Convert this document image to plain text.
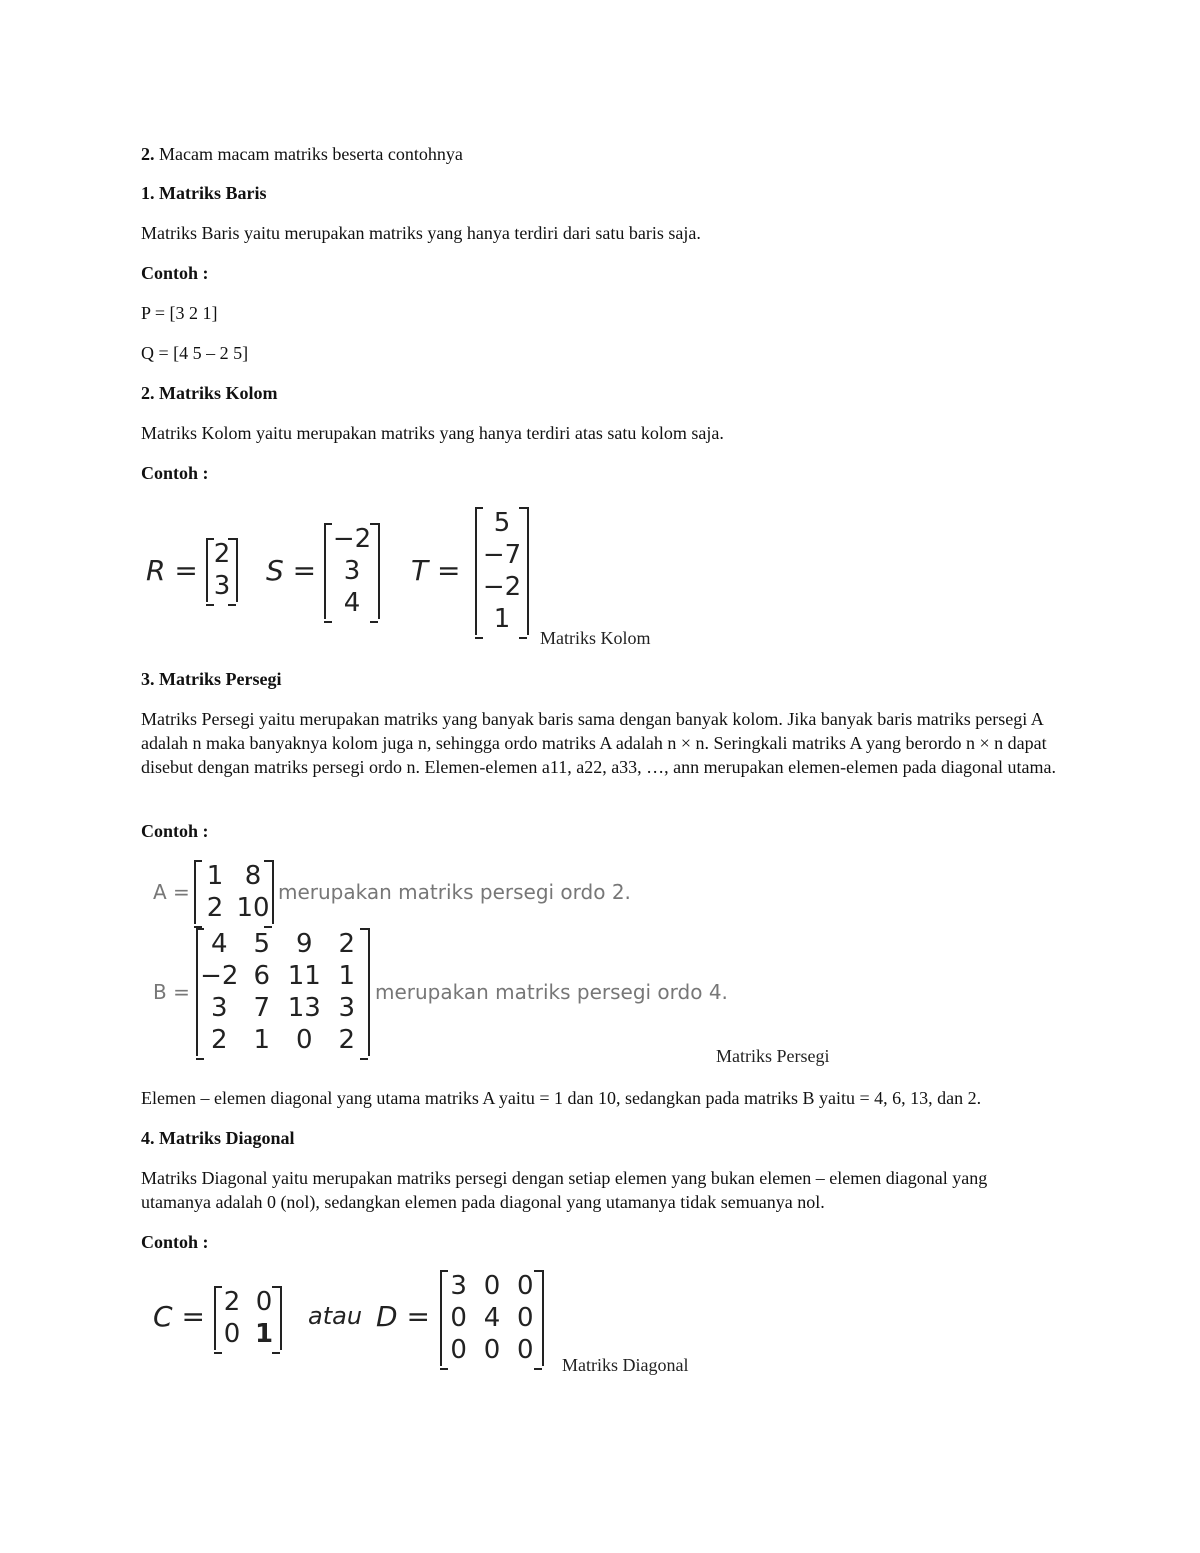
2. Macam macam matriks beserta contohnya

1. Matriks Baris

Matriks Baris yaitu merupakan matriks yang hanya terdiri dari satu baris saja.

Contoh :

P = [3 2 1]

Q = [4 5 – 2 5]

2. Matriks Kolom

Matriks Kolom yaitu merupakan matriks yang hanya terdiri atas satu kolom saja.

Contoh :

R = 2
3 S =
−2
3
4
T =
5
−7
−2
1
Matriks Kolom

3. Matriks Persegi

Matriks Persegi yaitu merupakan matriks yang banyak baris sama dengan banyak kolom. Jika banyak baris matriks persegi A adalah n maka banyaknya kolom juga n, sehingga ordo matriks A adalah n × n. Seringkali matriks A yang berordo n × n dapat disebut dengan matriks persegi ordo n. Elemen-elemen a11, a22, a33, …, ann merupakan elemen-elemen pada diagonal utama.

Contoh :

A =
1 8
2 10
merupakan matriks persegi ordo 2.
B =
4 5 9 2
−2 6 11 1
3 7 13 3
2 1 0 2
merupakan matriks persegi ordo 4.
Matriks Persegi

Elemen – elemen diagonal yang utama matriks A yaitu = 1 dan 10, sedangkan pada matriks B yaitu = 4, 6, 13, dan 2.

4. Matriks Diagonal

Matriks Diagonal yaitu merupakan matriks persegi dengan setiap elemen yang bukan elemen – elemen diagonal yang utamanya adalah 0 (nol), sedangkan elemen pada diagonal yang utamanya tidak semuanya nol.

Contoh :

C = 2 0
0 1
atau D =
3 0 0
0 4 0
0 0 0	Matriks Diagonal
